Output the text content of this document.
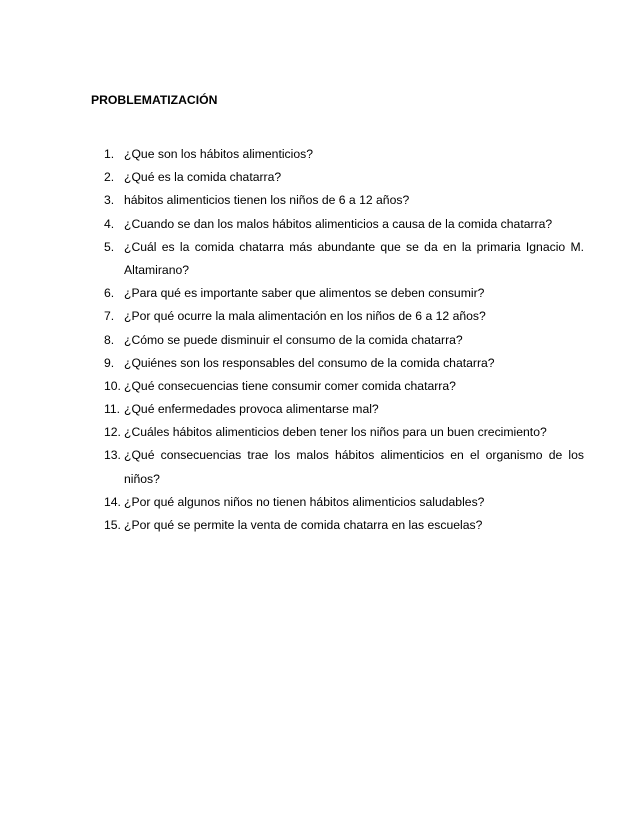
PROBLEMATIZACIÓN
1. ¿Que son los hábitos alimenticios?
2. ¿Qué es la comida chatarra?
3. hábitos alimenticios tienen los niños de 6 a 12 años?
4. ¿Cuando se dan los malos hábitos alimenticios a causa de la comida chatarra?
5. ¿Cuál es la comida chatarra más abundante que se da en la primaria Ignacio M. Altamirano?
6. ¿Para qué es importante saber que alimentos se deben consumir?
7. ¿Por qué ocurre la mala alimentación en los niños de 6 a 12 años?
8. ¿Cómo se puede disminuir el consumo de la comida chatarra?
9. ¿Quiénes son los responsables del consumo de la comida chatarra?
10. ¿Qué consecuencias tiene consumir comer comida chatarra?
11. ¿Qué enfermedades provoca alimentarse mal?
12. ¿Cuáles hábitos alimenticios deben tener los niños para un buen crecimiento?
13. ¿Qué consecuencias trae los malos hábitos alimenticios en el organismo de los niños?
14. ¿Por qué algunos niños no tienen hábitos alimenticios saludables?
15. ¿Por qué se permite la venta de comida chatarra en las escuelas?
